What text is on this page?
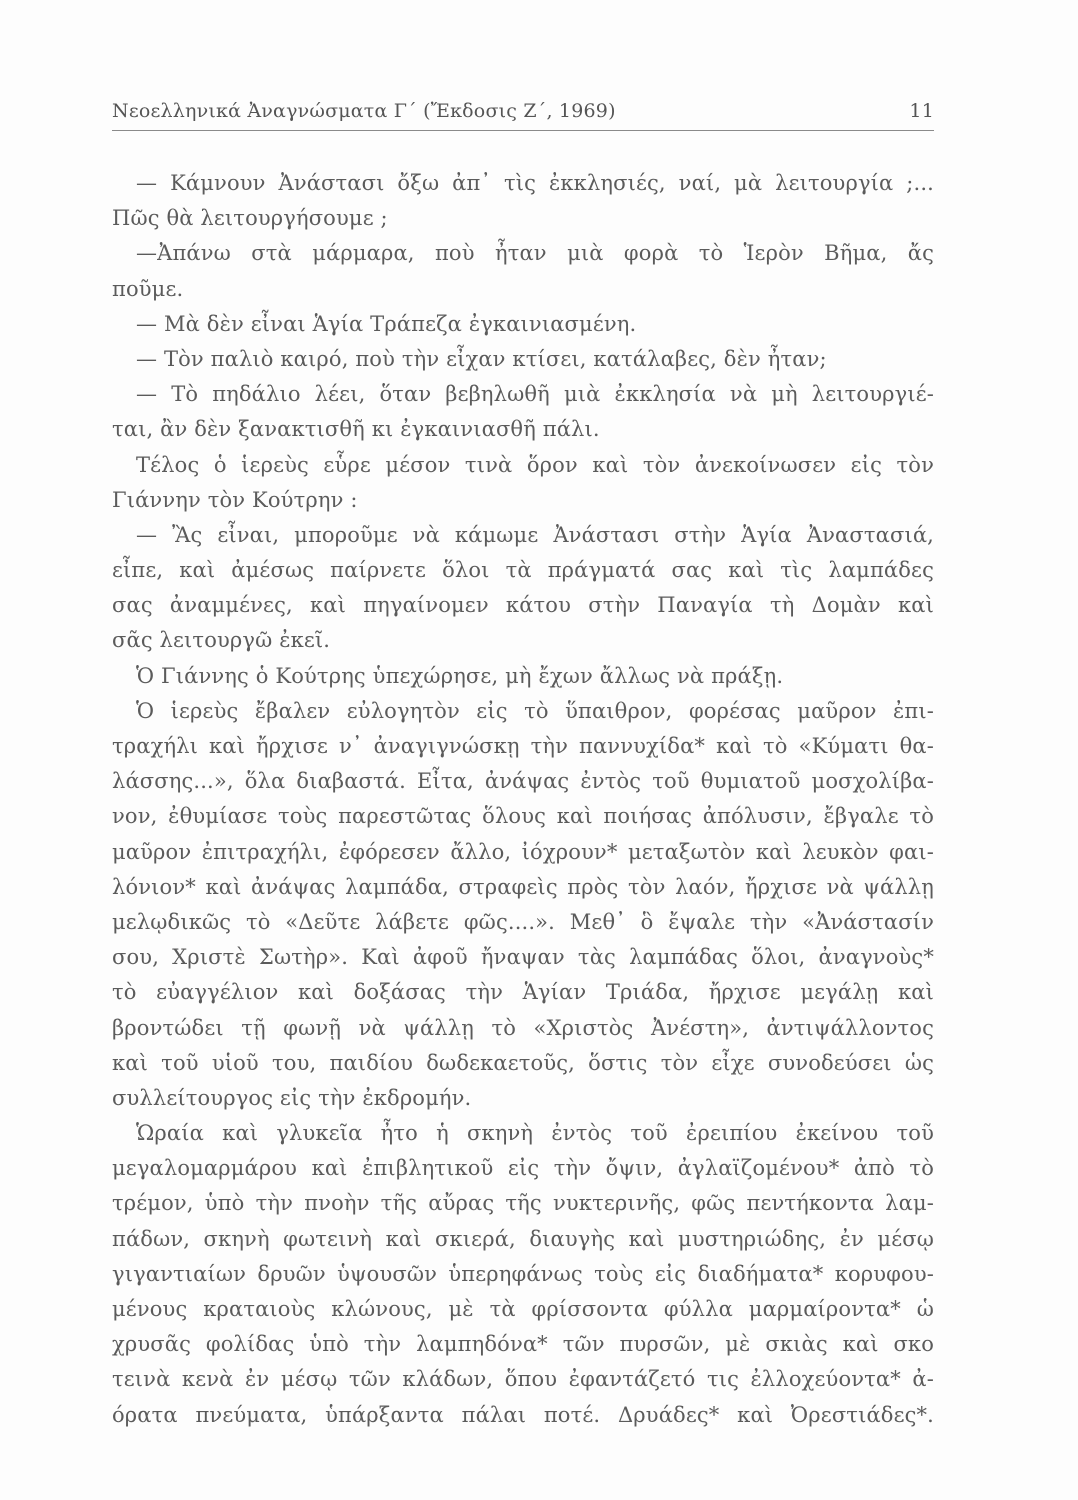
Νεοελληνικά Ἀναγνώσματα Γ΄ (Ἔκδοσις Ζ΄, 1969)	11
— Κάμνουν Ἀνάστασι ὄξω ἀπ᾽ τὶς ἐκκλησιές, ναί, μὰ λειτουργία ;...
Πῶς θὰ λειτουργήσουμε ;
—Ἀπάνω στὰ μάρμαρα, ποὺ ἦταν μιὰ φορὰ τὸ Ἱερὸν Βῆμα, ἄς
ποῦμε.
— Μὰ δὲν εἶναι Ἁγία Τράπεζα ἐγκαινιασμένη.
— Τὸν παλιὸ καιρό, ποὺ τὴν εἶχαν κτίσει, κατάλαβες, δὲν ἦταν;
— Τὸ πηδάλιο λέει, ὅταν βεβηλωθῆ μιὰ ἐκκλησία νὰ μὴ λειτουργιέ-
ται, ἂν δὲν ξανακτισθῆ κι ἐγκαινιασθῆ πάλι.
Τέλος ὁ ἱερεὺς εὗρε μέσον τινὰ ὅρον καὶ τὸν ἀνεκοίνωσεν εἰς τὸν
Γιάννην τὸν Κούτρην :
— Ἂς εἶναι, μποροῦμε νὰ κάμωμε Ἀνάστασι στὴν Ἁγία Ἀναστασιά,
εἶπε, καὶ ἀμέσως παίρνετε ὅλοι τὰ πράγματά σας καὶ τὶς λαμπάδες
σας ἀναμμένες, καὶ πηγαίνομεν κάτου στὴν Παναγία τὴ Δομὰν καὶ
σᾶς λειτουργῶ ἐκεῖ.
Ὁ Γιάννης ὁ Κούτρης ὑπεχώρησε, μὴ ἔχων ἄλλως νὰ πράξῃ.
Ὁ ἱερεὺς ἔβαλεν εὐλογητὸν εἰς τὸ ὕπαιθρον, φορέσας μαῦρον ἐπι-
τραχήλι καὶ ἤρχισε ν᾽ ἀναγιγνώσκῃ τὴν παννυχίδα* καὶ τὸ «Κύματι θα-
λάσσης...», ὅλα διαβαστά. Εἶτα, ἀνάψας ἐντὸς τοῦ θυμιατοῦ μοσχολίβα-
νον, ἐθυμίασε τοὺς παρεστῶτας ὅλους καὶ ποιήσας ἀπόλυσιν, ἔβγαλε τὸ
μαῦρον ἐπιτραχήλι, ἐφόρεσεν ἄλλο, ἰόχρουν* μεταξωτὸν καὶ λευκὸν φαι-
λόνιον* καὶ ἀνάψας λαμπάδα, στραφεὶς πρὸς τὸν λαόν, ἤρχισε νὰ ψάλλῃ
μελῳδικῶς τὸ «Δεῦτε λάβετε φῶς....». Μεθ᾽ ὃ ἔψαλε τὴν «Ἀνάστασίν
σου, Χριστὲ Σωτὴρ». Καὶ ἀφοῦ ἤναψαν τὰς λαμπάδας ὅλοι, ἀναγνοὺς*
τὸ εὐαγγέλιον καὶ δοξάσας τὴν Ἁγίαν Τριάδα, ἤρχισε μεγάλῃ καὶ
βροντώδει τῇ φωνῇ νὰ ψάλλῃ τὸ «Χριστὸς Ἀνέστη», ἀντιψάλλοντος
καὶ τοῦ υἱοῦ του, παιδίου δωδεκαετοῦς, ὅστις τὸν εἶχε συνοδεύσει ὡς
συλλείτουργος εἰς τὴν ἐκδρομήν.
Ὡραία καὶ γλυκεῖα ἦτο ἡ σκηνὴ ἐντὸς τοῦ ἐρειπίου ἐκείνου τοῦ
μεγαλομαρμάρου καὶ ἐπιβλητικοῦ εἰς τὴν ὄψιν, ἀγλαϊζομένου* ἀπὸ τὸ
τρέμον, ὑπὸ τὴν πνοὴν τῆς αὔρας τῆς νυκτερινῆς, φῶς πεντήκοντα λαμ-
πάδων, σκηνὴ φωτεινὴ καὶ σκιερά, διαυγὴς καὶ μυστηριώδης, ἐν μέσῳ
γιγαντιαίων δρυῶν ὑψουσῶν ὑπερηφάνως τοὺς εἰς διαδήματα* κορυφου-
μένους κραταιοὺς κλώνους, μὲ τὰ φρίσσοντα φύλλα μαρμαίροντα* ὡ
χρυσᾶς φολίδας ὑπὸ τὴν λαμπηδόνα* τῶν πυρσῶν, μὲ σκιὰς καὶ σκο
τεινὰ κενὰ ἐν μέσῳ τῶν κλάδων, ὅπου ἐφαντάζετό τις ἐλλοχεύοντα* ἀ-
όρατα πνεύματα, ὑπάρξαντα πάλαι ποτέ. Δρυάδες* καὶ Ὀρεστιάδες*.
